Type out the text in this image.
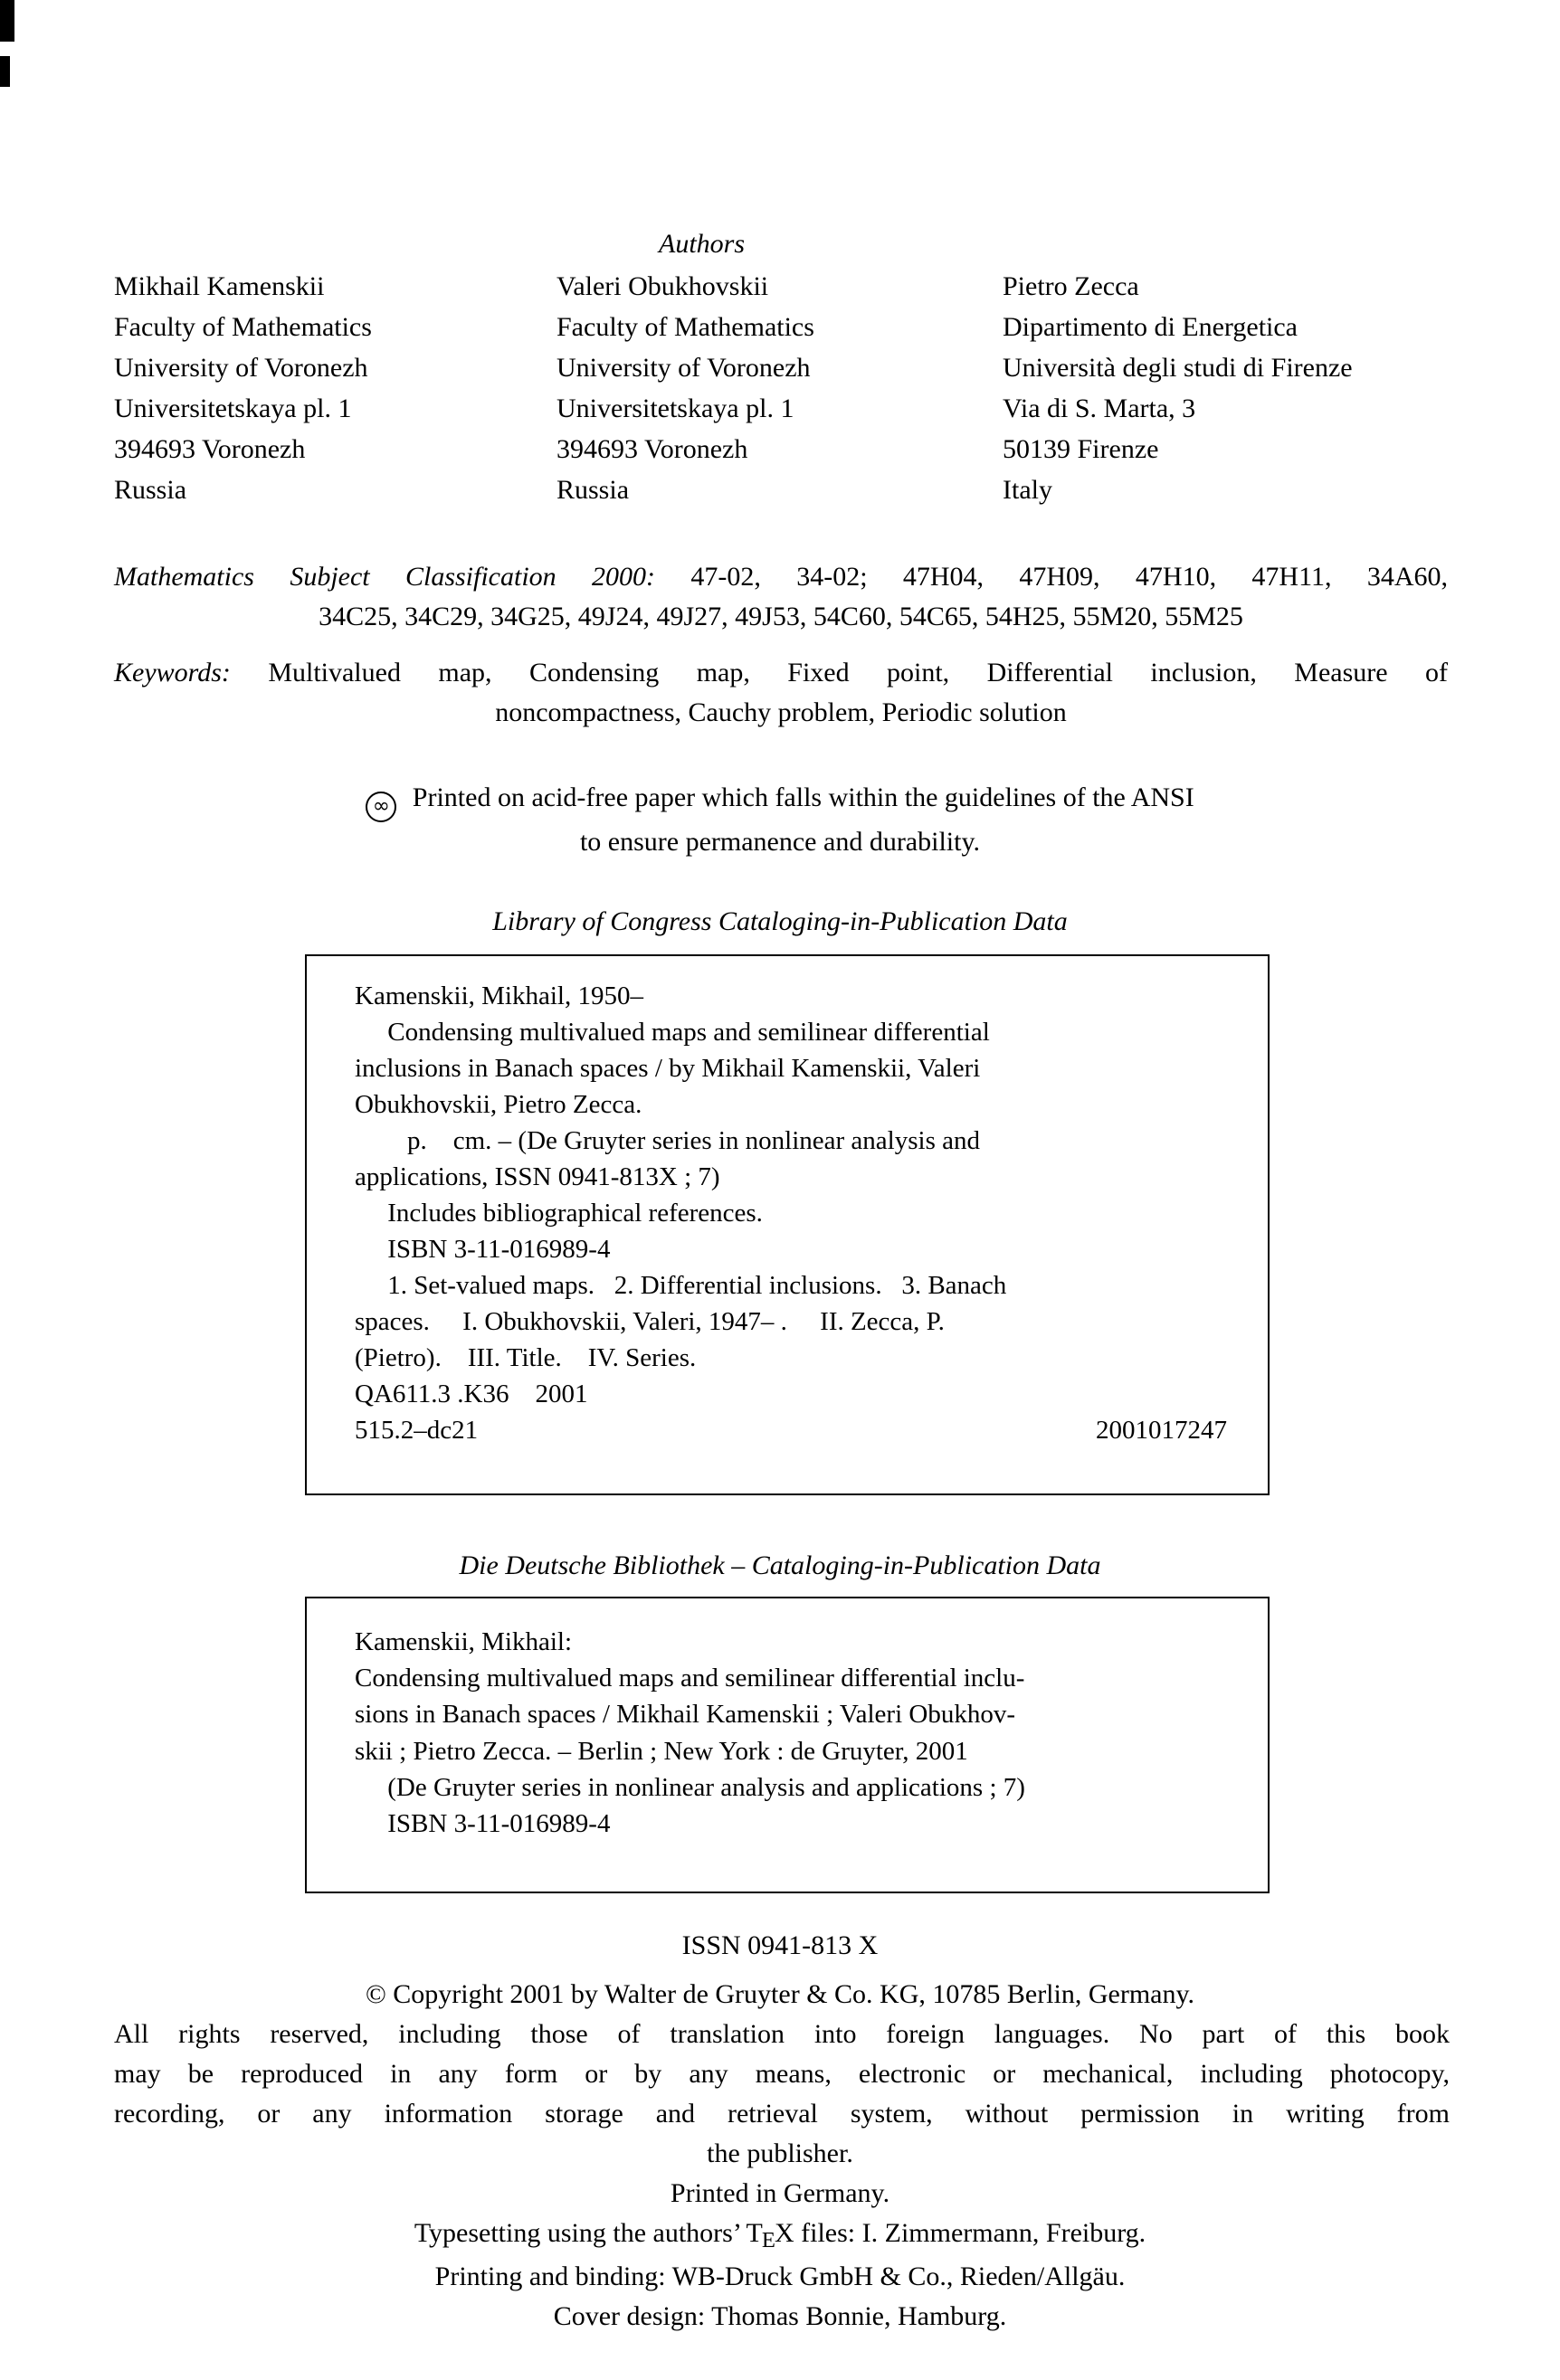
Authors
Mikhail Kamenskii
Faculty of Mathematics
University of Voronezh
Universitetskaya pl. 1
394693 Voronezh
Russia
Valeri Obukhovskii
Faculty of Mathematics
University of Voronezh
Universitetskaya pl. 1
394693 Voronezh
Russia
Pietro Zecca
Dipartimento di Energetica
Università degli studi di Firenze
Via di S. Marta, 3
50139 Firenze
Italy
Mathematics Subject Classification 2000: 47-02, 34-02; 47H04, 47H09, 47H10, 47H11, 34A60,
34C25, 34C29, 34G25, 49J24, 49J27, 49J53, 54C60, 54C65, 54H25, 55M20, 55M25
Keywords: Multivalued map, Condensing map, Fixed point, Differential inclusion, Measure of
noncompactness, Cauchy problem, Periodic solution
∞ Printed on acid-free paper which falls within the guidelines of the ANSI
to ensure permanence and durability.
Library of Congress Cataloging-in-Publication Data
Kamenskii, Mikhail, 1950–
Condensing multivalued maps and semilinear differential
inclusions in Banach spaces / by Mikhail Kamenskii, Valeri
Obukhovskii, Pietro Zecca.
p.    cm. – (De Gruyter series in nonlinear analysis and
applications, ISSN 0941-813X ; 7)
Includes bibliographical references.
ISBN 3-11-016989-4
1. Set-valued maps.   2. Differential inclusions.   3. Banach
spaces.     I. Obukhovskii, Valeri, 1947– .     II. Zecca, P.
(Pietro).    III. Title.    IV. Series.
QA611.3 .K36    2001
515.2–dc21	2001017247
Die Deutsche Bibliothek – Cataloging-in-Publication Data
Kamenskii, Mikhail:
Condensing multivalued maps and semilinear differential inclu-
sions in Banach spaces / Mikhail Kamenskii ; Valeri Obukhov-
skii ; Pietro Zecca. – Berlin ; New York : de Gruyter, 2001
(De Gruyter series in nonlinear analysis and applications ; 7)
ISBN 3-11-016989-4
ISSN 0941-813 X
© Copyright 2001 by Walter de Gruyter & Co. KG, 10785 Berlin, Germany.
All rights reserved, including those of translation into foreign languages. No part of this book
may be reproduced in any form or by any means, electronic or mechanical, including photocopy,
recording, or any information storage and retrieval system, without permission in writing from
the publisher.
Printed in Germany.
Typesetting using the authors’ TEX files: I. Zimmermann, Freiburg.
Printing and binding: WB-Druck GmbH & Co., Rieden/Allgäu.
Cover design: Thomas Bonnie, Hamburg.
